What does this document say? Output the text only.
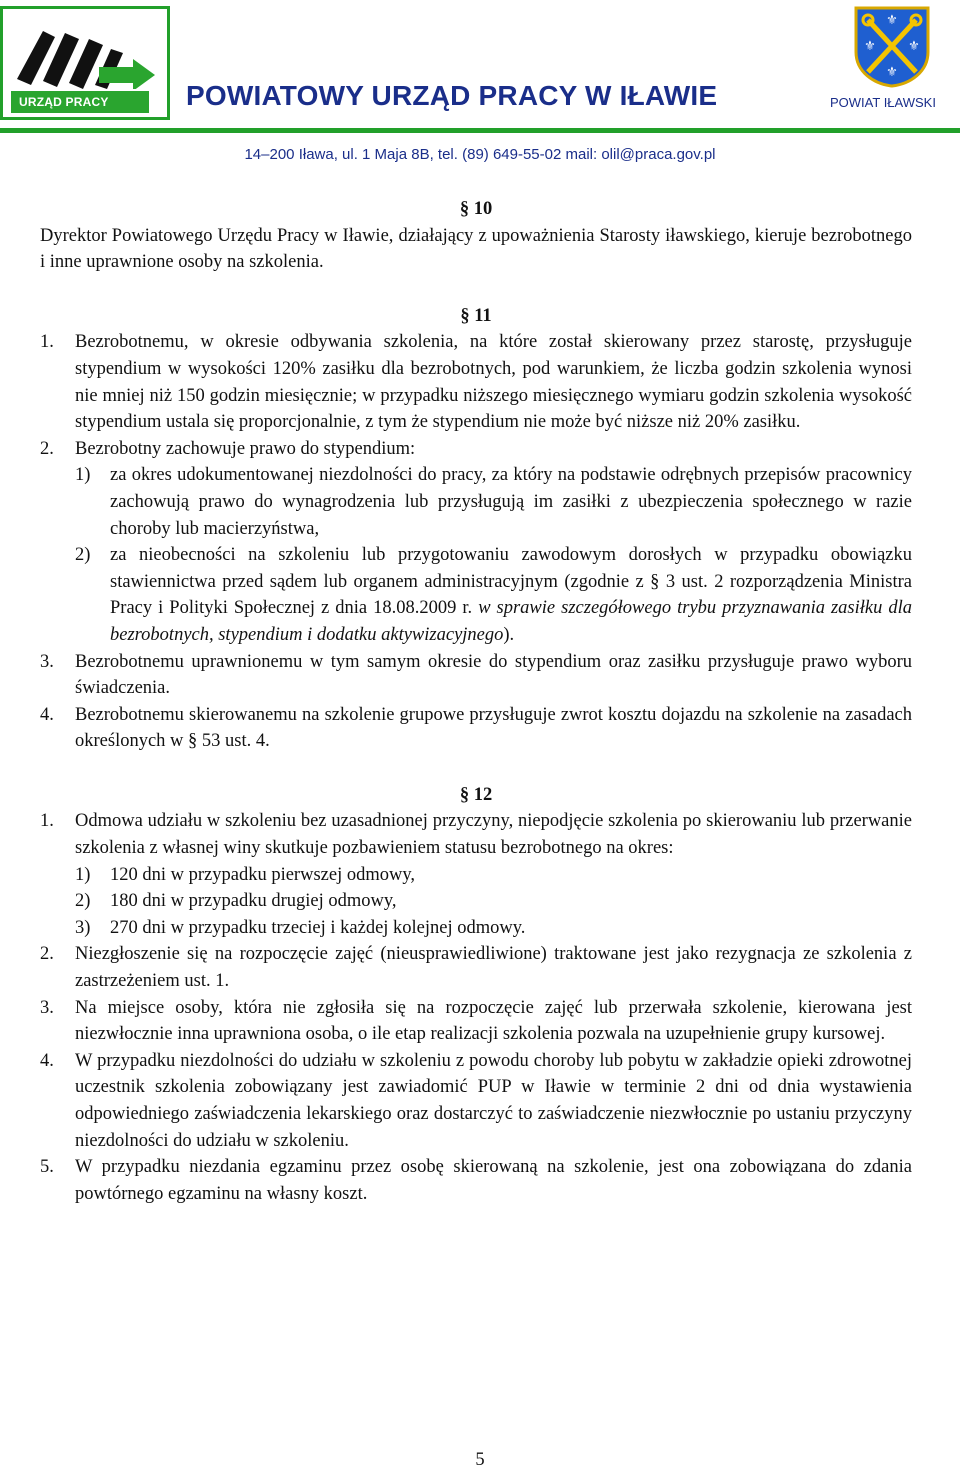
URZĄD PRACY
⚜
⚜ ⚜
⚜
POWIATOWY URZĄD PRACY W IŁAWIE	POWIAT IŁAWSKI
14–200 Iława, ul. 1 Maja 8B, tel. (89) 649-55-02 mail: olil@praca.gov.pl
§ 10
Dyrektor Powiatowego Urzędu Pracy w Iławie, działający z upoważnienia Starosty iławskiego, kieruje bezrobotnego i inne uprawnione osoby na szkolenia.
§ 11
1.	Bezrobotnemu, w okresie odbywania szkolenia, na które został skierowany przez starostę, przysługuje stypendium w wysokości 120% zasiłku dla bezrobotnych, pod warunkiem, że liczba godzin szkolenia wynosi nie mniej niż 150 godzin miesięcznie; w przypadku niższego miesięcznego wymiaru godzin szkolenia wysokość stypendium ustala się proporcjonalnie, z tym że stypendium nie może być niższe niż 20% zasiłku.
2.	Bezrobotny zachowuje prawo do stypendium:
1)	za okres udokumentowanej niezdolności do pracy, za który na podstawie odrębnych przepisów pracownicy zachowują prawo do wynagrodzenia lub przysługują im zasiłki z ubezpieczenia społecznego w razie choroby lub macierzyństwa,
2)	za nieobecności na szkoleniu lub przygotowaniu zawodowym dorosłych w przypadku obowiązku stawiennictwa przed sądem lub organem administracyjnym (zgodnie z § 3 ust. 2 rozporządzenia Ministra Pracy i Polityki Społecznej z dnia 18.08.2009 r. w sprawie szczegółowego trybu przyznawania zasiłku dla bezrobotnych, stypendium i dodatku aktywizacyjnego).
3.	Bezrobotnemu uprawnionemu w tym samym okresie do stypendium oraz zasiłku przysługuje prawo wyboru świadczenia.
4.	Bezrobotnemu skierowanemu na szkolenie grupowe przysługuje zwrot kosztu dojazdu na szkolenie na zasadach określonych w § 53 ust. 4.
§ 12
1.	Odmowa udziału w szkoleniu bez uzasadnionej przyczyny, niepodjęcie szkolenia po skierowaniu lub przerwanie szkolenia z własnej winy skutkuje pozbawieniem statusu bezrobotnego na okres:
1)	120 dni w przypadku pierwszej odmowy,
2)	180 dni w przypadku drugiej odmowy,
3)	270 dni w przypadku trzeciej i każdej kolejnej odmowy.
2.	Niezgłoszenie się na rozpoczęcie zajęć (nieusprawiedliwione) traktowane jest jako rezygnacja ze szkolenia z zastrzeżeniem ust. 1.
3.	Na miejsce osoby, która nie zgłosiła się na rozpoczęcie zajęć lub przerwała szkolenie, kierowana jest niezwłocznie inna uprawniona osoba, o ile etap realizacji szkolenia pozwala na uzupełnienie grupy kursowej.
4.	W przypadku niezdolności do udziału w szkoleniu z powodu choroby lub pobytu w zakładzie opieki zdrowotnej uczestnik szkolenia zobowiązany jest zawiadomić PUP w Iławie w terminie 2 dni od dnia wystawienia odpowiedniego zaświadczenia lekarskiego oraz dostarczyć to zaświadczenie niezwłocznie po ustaniu przyczyny niezdolności do udziału w szkoleniu.
5.	W przypadku niezdania egzaminu przez osobę skierowaną na szkolenie, jest ona zobowiązana do zdania powtórnego egzaminu na własny koszt.
5
